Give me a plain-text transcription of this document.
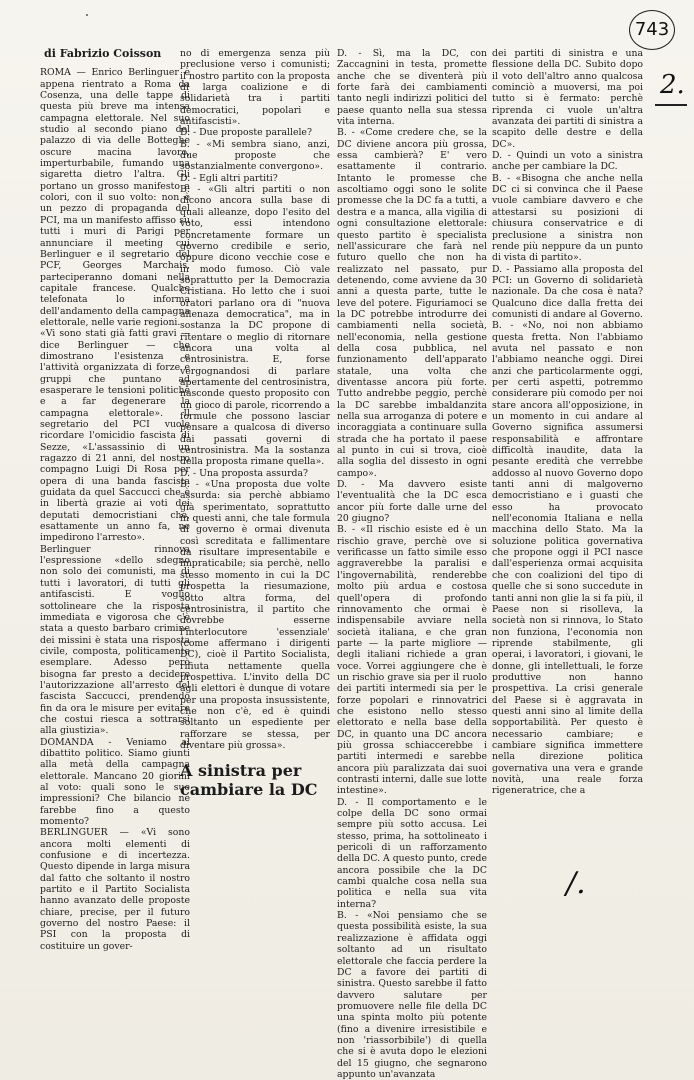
743
2.

di Fabrizio Coisson

ROMA — Enrico Berlinguer è appena rientrato a Roma da Cosenza, una delle tappe di questa più breve ma intensa campagna elettorale. Nel suo studio al secondo piano del palazzo di via delle Botteghe oscure macina lavoro, imperturbabile, fumando una sigaretta dietro l'altra. Gli portano un grosso manifesto a colori, con il suo volto: non è un pezzo di propaganda del PCI, ma un manifesto affisso su tutti i muri di Parigi per annunciare il meeting cui Berlinguer e il segretario del PCF, Georges Marchais, parteciperanno domani nella capitale francese. Qualche telefonata lo informa dell'andamento della campagna elettorale, nelle varie regioni.

«Vi sono stati già fatti gravi — dice Berlinguer — che dimostrano l'esistenza e l'attività organizzata di forze e gruppi che puntano ad esasperare le tensioni politiche e a far degenerare la campagna elettorale». Il segretario del PCI vuole ricordare l'omicidio fascista di Sezze, «L'assassinio di un ragazzo di 21 anni, del nostro compagno Luigi Di Rosa per opera di una banda fascista guidata da quel Saccucci che è in libertà grazie ai voti dei deputati democristiani che, esattamente un anno fa, ne impedirono l'arresto».

Berlinguer rinnova l'espressione «dello sdegno non solo dei comunisti, ma di tutti i lavoratori, di tutti gli antifascisti. E voglio sottolineare che la risposta immediata e vigorosa che c'è stata a questo barbaro crimine dei missini è stata una risposta civile, composta, politicamente esemplare. Adesso però bisogna far presto a decidere l'autorizzazione all'arresto del fascista Saccucci, prendendo fin da ora le misure per evitare che costui riesca a sottrarsi alla giustizia».

DOMANDA - Veniamo al dibattito politico. Siamo giunti alla metà della campagna elettorale. Mancano 20 giorini al voto: quali sono le sue impressioni? Che bilancio ne farebbe fino a questo momento?

BERLINGUER — «Vi sono ancora molti elementi di confusione e di incertezza. Questo dipende in larga misura dal fatto che soltanto il nostro partito e il Partito Socialista hanno avanzato delle proposte chiare, precise, per il futuro governo del nostro Paese: il PSI con la proposta di costituire un gover-

no di emergenza senza più preclusione verso i comunisti; il nostro partito con la proposta di larga coalizione e di solidarietà tra i partiti democratici, popolari e antifascisti».

D. - Due proposte parallele?

B. - «Mi sembra siano, anzi, due proposte che sostanzialmente convergono».

D. - Egli altri partiti?

B. - «Gli altri partiti o non dicono ancora sulla base di quali alleanze, dopo l'esito del voto, essi intendono concretamente formare un governo credibile e serio, oppure dicono vecchie cose e in modo fumoso. Ciò vale soprattutto per la Democrazia Cristiana. Ho letto che i suoi oratori parlano ora di "nuova allenaza democratica", ma in sostanza la DC propone di ritentare o meglio di ritornare ancora una volta al centrosinistra. E, forse vergognandosi di parlare apertamente del centrosinistra, nasconde questo proposito con un gioco di parole, ricorrendo a formule che possono lasciar pensare a qualcosa di diverso dai passati governi di centrosinistra. Ma la sostanza della proposta rimane quella».

D. - Una proposta assurda?

B. - «Una proposta due volte assurda: sia perchè abbiamo già sperimentato, soprattutto in questi anni, che tale formula di governo è ormai divenuta così screditata e fallimentare da risultare impresentabile e impraticabile; sia perchè, nello stesso momento in cui la DC prospetta la riesumazione, sotto altra forma, del centrosinistra, il partito che dovrebbe esserne l'interlocutore 'essenziale' (come affermano i dirigenti DC), cioè il Partito Socialista, rifiuta nettamente quella prospettiva. L'invito della DC agli elettori è dunque di votare per una proposta insussistente, che non c'è, ed è quindi soltanto un espediente per rafforzare se stessa, per diventare più grossa».

A sinistra per cambiare la DC

D. - Sì, ma la DC, con Zaccagnini in testa, promette anche che se diventerà più forte farà dei cambiamenti tanto negli indirizzi politici del paese quanto nella sua stessa vita interna.

B. - «Come credere che, se la DC diviene ancora più grossa, essa cambierà? E' vero esattamente il contrario. Intanto le promesse che ascoltiamo oggi sono le solite promesse che la DC fa a tutti, a destra e a manca, alla vigilia di ogni consultazione elettorale: questo partito è specialista nell'assicurare che farà nel futuro quello che non ha realizzato nel passato, pur detenendo, come avviene da 30 anni a questa parte, tutte le leve del potere. Figuriamoci se la DC potrebbe introdurre dei cambiamenti nella società, nell'economia, nella gestione della cosa pubblica, nel funzionamento dell'apparato statale, una volta che diventasse ancora più forte. Tutto andrebbe peggio, perchè la DC sarebbe imbaldanzita nella sua arroganza di potere e incoraggiata a continuare sulla strada che ha portato il paese al punto in cui si trova, cioè alla soglia del dissesto in ogni campo».

D. - Ma davvero esiste l'eventualità che la DC esca ancor più forte dalle urne del 20 giugno?

B. - «Il rischio esiste ed è un rischio grave, perchè ove si verificasse un fatto simile esso aggraverebbe la paralisi e l'ingovernabilità, renderebbe molto più ardua e costosa quell'opera di profondo rinnovamento che ormai è indispensabile avviare nella società italiana, e che gran parte — la parte migliore — degli italiani richiede a gran voce. Vorrei aggiungere che è un rischio grave sia per il ruolo dei partiti intermedi sia per le forze popolari e rinnovatrici che esistono nello stesso elettorato e nella base della DC, in quanto una DC ancora più grossa schiaccerebbe i partiti intermedi e sarebbe ancora più paralizzata dai suoi contrasti interni, dalle sue lotte intestine».

D. - Il comportamento e le colpe della DC sono ormai sempre più sotto accusa. Lei stesso, prima, ha sottolineato i pericoli di un rafforzamento della DC. A questo punto, crede ancora possibile che la DC cambi qualche cosa nella sua politica e nella sua vita interna?

B. - «Noi pensiamo che se questa possibilità esiste, la sua realizzazione è affidata oggi soltanto ad un risultato elettorale che faccia perdere la DC a favore dei partiti di sinistra. Questo sarebbe il fatto davvero salutare per promuovere nelle file della DC una spinta molto più potente (fino a divenire irresistibile e non 'riassorbibile') di quella che si è avuta dopo le elezioni del 15 giugno, che segnarono appunto un'avanzata

dei partiti di sinistra e una flessione della DC. Subito dopo il voto dell'altro anno qualcosa cominciò a muoversi, ma poi tutto si è fermato: perchè riprenda ci vuole un'altra avanzata dei partiti di sinistra a scapito delle destre e della DC».

D. - Quindi un voto a sinistra anche per cambiare la DC.

B. - «Bisogna che anche nella DC ci si convinca che il Paese vuole cambiare davvero e che attestarsi su posizioni di chiusura conservatrice e di preclusione a sinistra non rende più neppure da un punto di vista di partito».

D. - Passiamo alla proposta del PCI: un Governo di solidarietà nazionale. Da che cosa è nata? Qualcuno dice dalla fretta dei comunisti di andare al Governo.

B. - «No, noi non abbiamo questa fretta. Non l'abbiamo avuta nel passato e non l'abbiamo neanche oggi. Direi anzi che particolarmente oggi, per certi aspetti, potremmo considerare più comodo per noi stare ancora all'opposizione, in un momento in cui andare al Governo significa assumersi responsabilità e affrontare difficoltà inaudite, data la pesante eredità che verrebbe addosso al nuovo Governo dopo tanti anni di malgoverno democristiano e i guasti che esso ha provocato nell'economia Italiana e nella macchina dello Stato. Ma la soluzione politica governativa che propone oggi il PCI nasce dall'esperienza ormai acquisita che con coalizioni del tipo di quelle che si sono succedute in tanti anni non glie la si fa più, il Paese non si risolleva, la società non si rinnova, lo Stato non funziona, l'economia non riprende stabilmente, gli operai, i lavoratori, i giovani, le donne, gli intellettuali, le forze produttive non hanno prospettiva. La crisi generale del Paese si è aggravata in questi anni sino al limite della sopportabilità. Per questo è necessario cambiare; e cambiare significa immettere nella direzione politica governativa una vera e grande novità, una reale forza rigeneratrice, che a

/.
